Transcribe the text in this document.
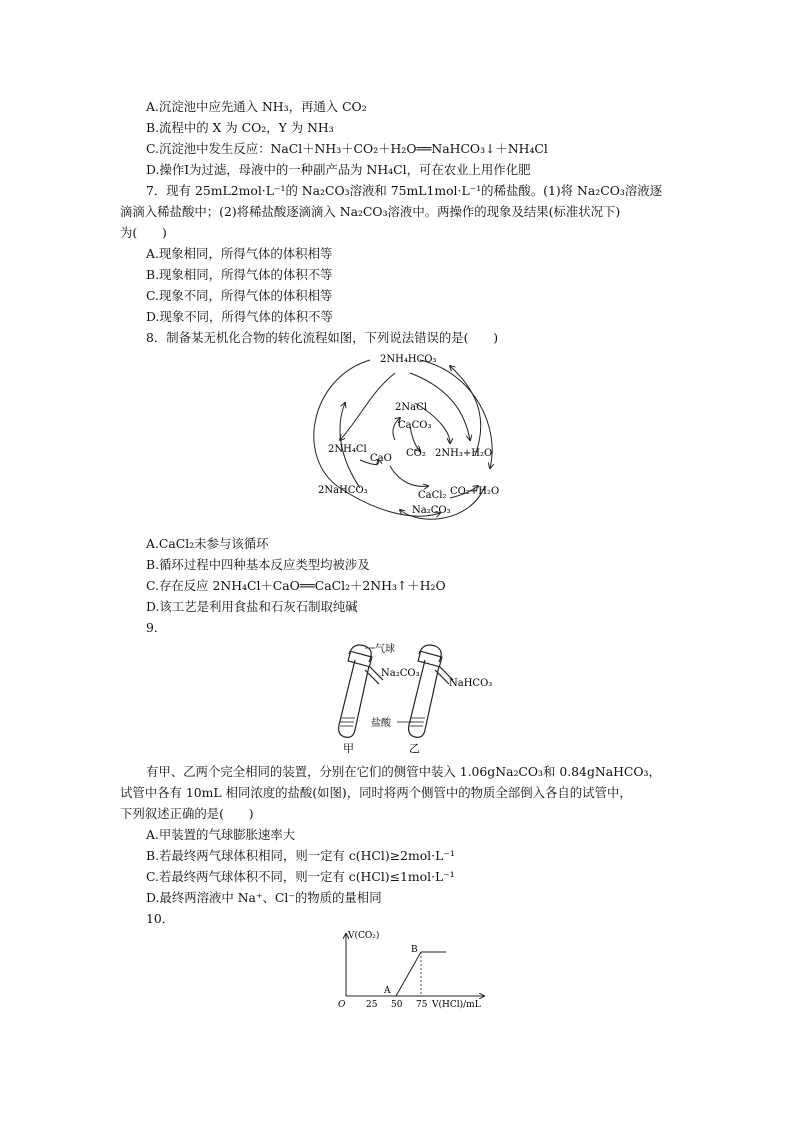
A.沉淀池中应先通入 NH₃，再通入 CO₂
B.流程中的 X 为 CO₂，Y 为 NH₃
C.沉淀池中发生反应：NaCl＋NH₃＋CO₂＋H₂O══NaHCO₃↓＋NH₄Cl
D.操作Ⅰ为过滤，母液中的一种副产品为 NH₄Cl，可在农业上用作化肥
7．现有 25mL2mol·L⁻¹的 Na₂CO₃溶液和 75mL1mol·L⁻¹的稀盐酸。(1)将 Na₂CO₃溶液逐
滴滴入稀盐酸中；(2)将稀盐酸逐滴滴入 Na₂CO₃溶液中。两操作的现象及结果(标准状况下)
为(　　)
A.现象相同，所得气体的体积相等
B.现象相同，所得气体的体积不等
C.现象不同，所得气体的体积相等
D.现象不同，所得气体的体积不等
8．制备某无机化合物的转化流程如图，下列说法错误的是(　　)
2NH₄HCO₃
2NaCl
CaCO₃
2NH₄Cl
CaO CO₂ 2NH₃+H₂O
2NaHCO₃	CaCl₂ CO₂+H₂O
Na₂CO₃
A.CaCl₂未参与该循环
B.循环过程中四种基本反应类型均被涉及
C.存在反应 2NH₄Cl＋CaO══CaCl₂＋2NH₃↑＋H₂O
D.该工艺是利用食盐和石灰石制取纯碱
9．
气球
Na₂CO₃
NaHCO₃
盐酸
甲	乙
有甲、乙两个完全相同的装置，分别在它们的侧管中装入 1.06gNa₂CO₃和 0.84gNaHCO₃，
试管中各有 10mL 相同浓度的盐酸(如图)，同时将两个侧管中的物质全部倒入各自的试管中，
下列叙述正确的是(　　)
A.甲装置的气球膨胀速率大
B.若最终两气球体积相同，则一定有 c(HCl)≥2mol·L⁻¹
C.若最终两气球体积不同，则一定有 c(HCl)≤1mol·L⁻¹
D.最终两溶液中 Na⁺、Cl⁻的物质的量相同
10．
V(CO₂)
O	V(HCl)/mL
25 50 75
A
B
